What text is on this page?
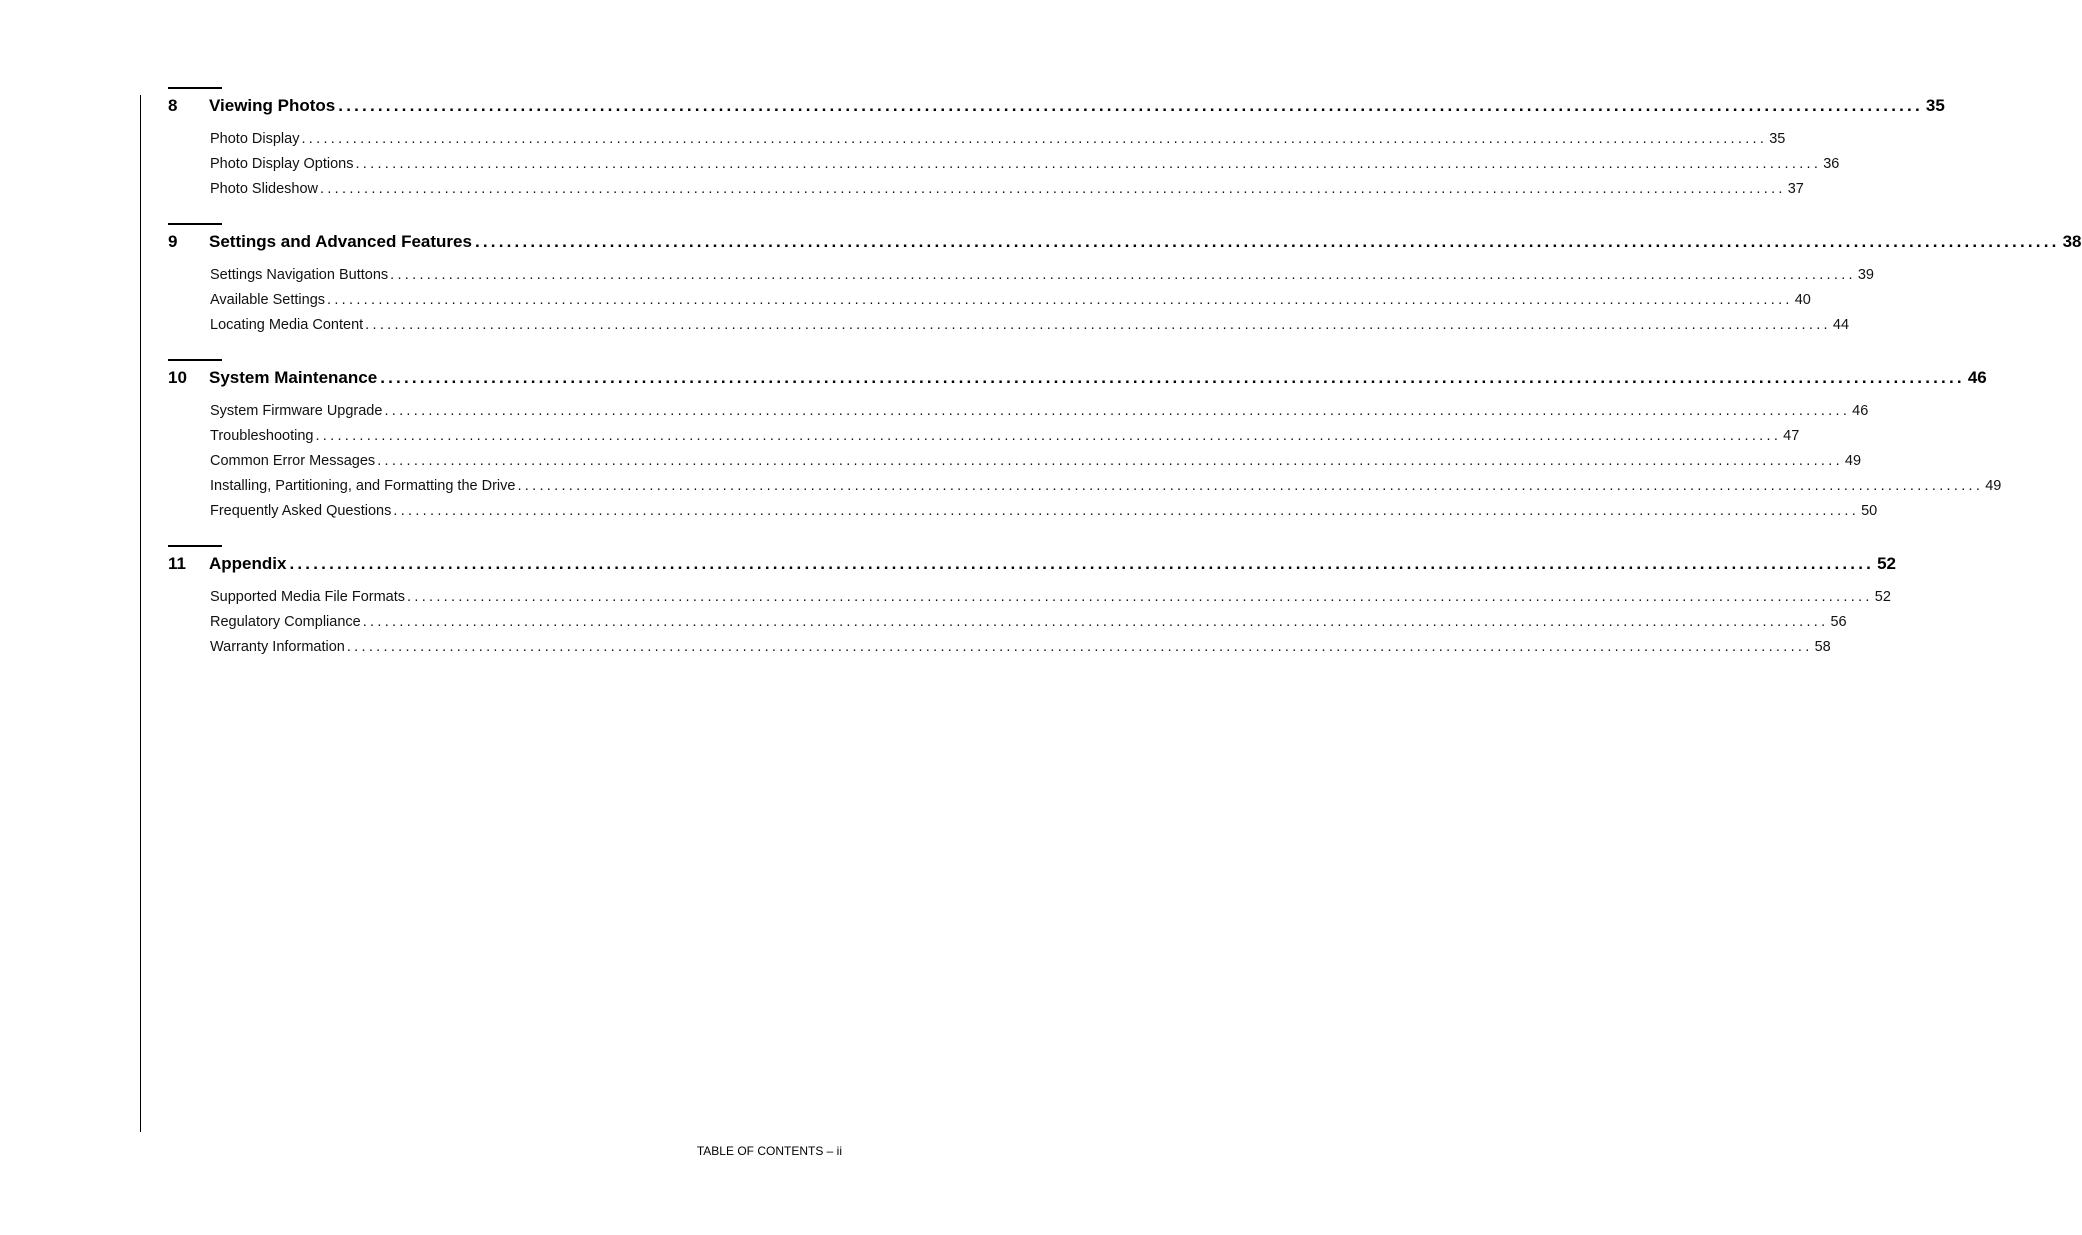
8	Viewing Photos ........................................................................................................................................................................................................ 35
Photo Display ........................................................................................................................................................................................................ 35
Photo Display Options ........................................................................................................................................................................................................ 36
Photo Slideshow ........................................................................................................................................................................................................ 37
9	Settings and Advanced Features ........................................................................................................................................................................................................ 38
Settings Navigation Buttons ........................................................................................................................................................................................................ 39
Available Settings ........................................................................................................................................................................................................ 40
Locating Media Content ........................................................................................................................................................................................................ 44
10	System Maintenance ........................................................................................................................................................................................................ 46
System Firmware Upgrade ........................................................................................................................................................................................................ 46
Troubleshooting ........................................................................................................................................................................................................ 47
Common Error Messages ........................................................................................................................................................................................................ 49
Installing, Partitioning, and Formatting the Drive ........................................................................................................................................................................................................ 49
Frequently Asked Questions ........................................................................................................................................................................................................ 50
11	Appendix ........................................................................................................................................................................................................ 52
Supported Media File Formats ........................................................................................................................................................................................................ 52
Regulatory Compliance ........................................................................................................................................................................................................ 56
Warranty Information ........................................................................................................................................................................................................ 58
TABLE OF CONTENTS – ii
